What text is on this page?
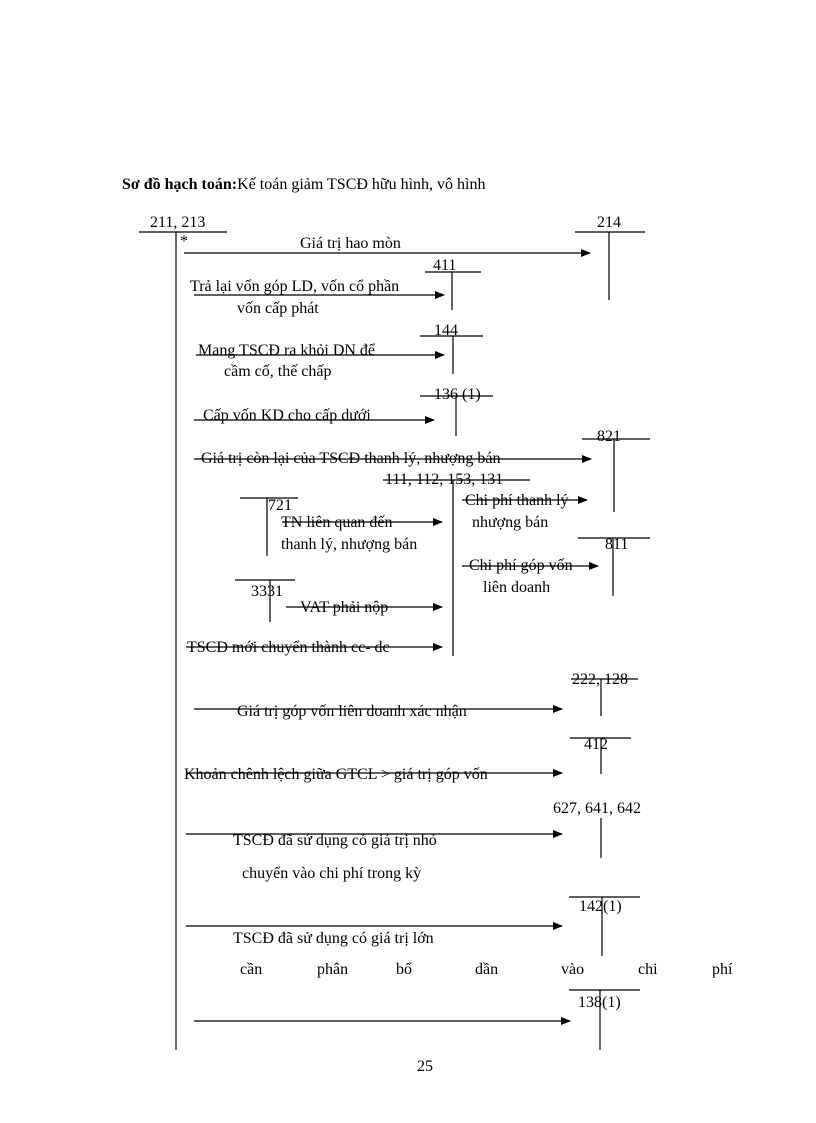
Sơ đồ hạch toán:Kế toán giảm TSCĐ hữu hình, vô hình
211, 213
*
214
Giá trị hao mòn
411
Trả lại vốn góp LD, vốn cổ phần
vốn cấp phát
144
Mang TSCĐ ra khỏi DN để
cầm cố, thế chấp
136 (1)
Cấp vốn KD cho cấp dưới
821
Giá trị còn lại của TSCĐ thanh lý, nhượng bán
111, 112, 153, 131
Chi phí thanh lý
nhượng bán
721
TN liên quan đến
thanh lý, nhượng bán	811
Chi phí góp vốn
liên doanh
3331
VAT phải nộp
TSCĐ mới chuyển thành cc- dc
222, 128
Giá trị góp vốn liên doanh xác nhận
412
Khoản chênh lệch giữa GTCL > giá trị góp vốn
627, 641, 642
TSCĐ đã sử dụng có giá trị nhỏ
chuyển vào chi phí trong kỳ
142(1)
TSCĐ đã sử dụng có giá trị lớn
cần	phân	bổ	dần	vào	chi	phí
138(1)
25
